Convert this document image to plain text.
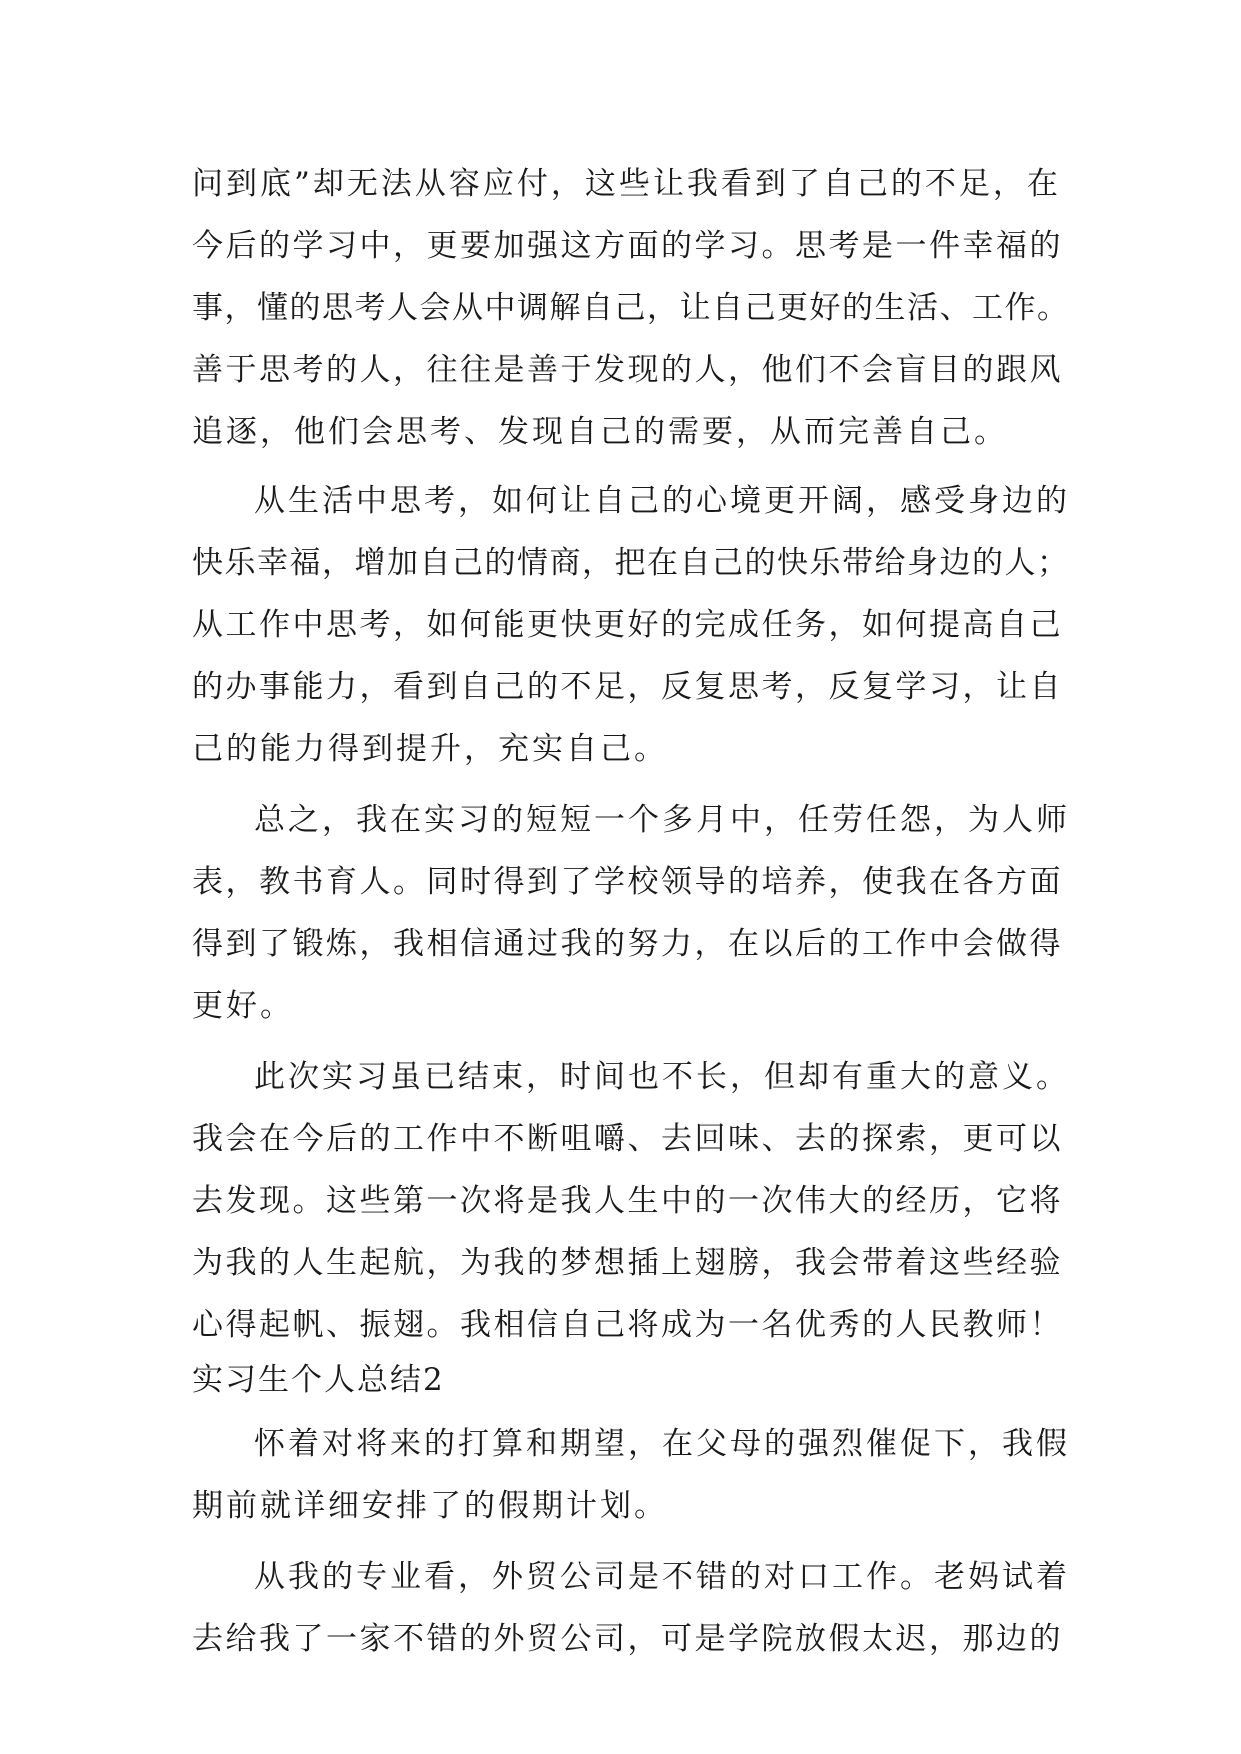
问到底”却无法从容应付，这些让我看到了自己的不足，在
今后的学习中，更要加强这方面的学习。思考是一件幸福的
事，懂的思考人会从中调解自己，让自己更好的生活、工作。
善于思考的人，往往是善于发现的人，他们不会盲目的跟风
追逐，他们会思考、发现自己的需要，从而完善自己。
从生活中思考，如何让自己的心境更开阔，感受身边的
快乐幸福，增加自己的情商，把在自己的快乐带给身边的人；
从工作中思考，如何能更快更好的完成任务，如何提高自己
的办事能力，看到自己的不足，反复思考，反复学习，让自
己的能力得到提升，充实自己。
总之，我在实习的短短一个多月中，任劳任怨，为人师
表，教书育人。同时得到了学校领导的培养，使我在各方面
得到了锻炼，我相信通过我的努力，在以后的工作中会做得
更好。
此次实习虽已结束，时间也不长，但却有重大的意义。
我会在今后的工作中不断咀嚼、去回味、去的探索，更可以
去发现。这些第一次将是我人生中的一次伟大的经历，它将
为我的人生起航，为我的梦想插上翅膀，我会带着这些经验
心得起帆、振翅。我相信自己将成为一名优秀的人民教师！
实习生个人总结2
怀着对将来的打算和期望，在父母的强烈催促下，我假
期前就详细安排了的假期计划。
从我的专业看，外贸公司是不错的对口工作。老妈试着
去给我了一家不错的外贸公司，可是学院放假太迟，那边的
